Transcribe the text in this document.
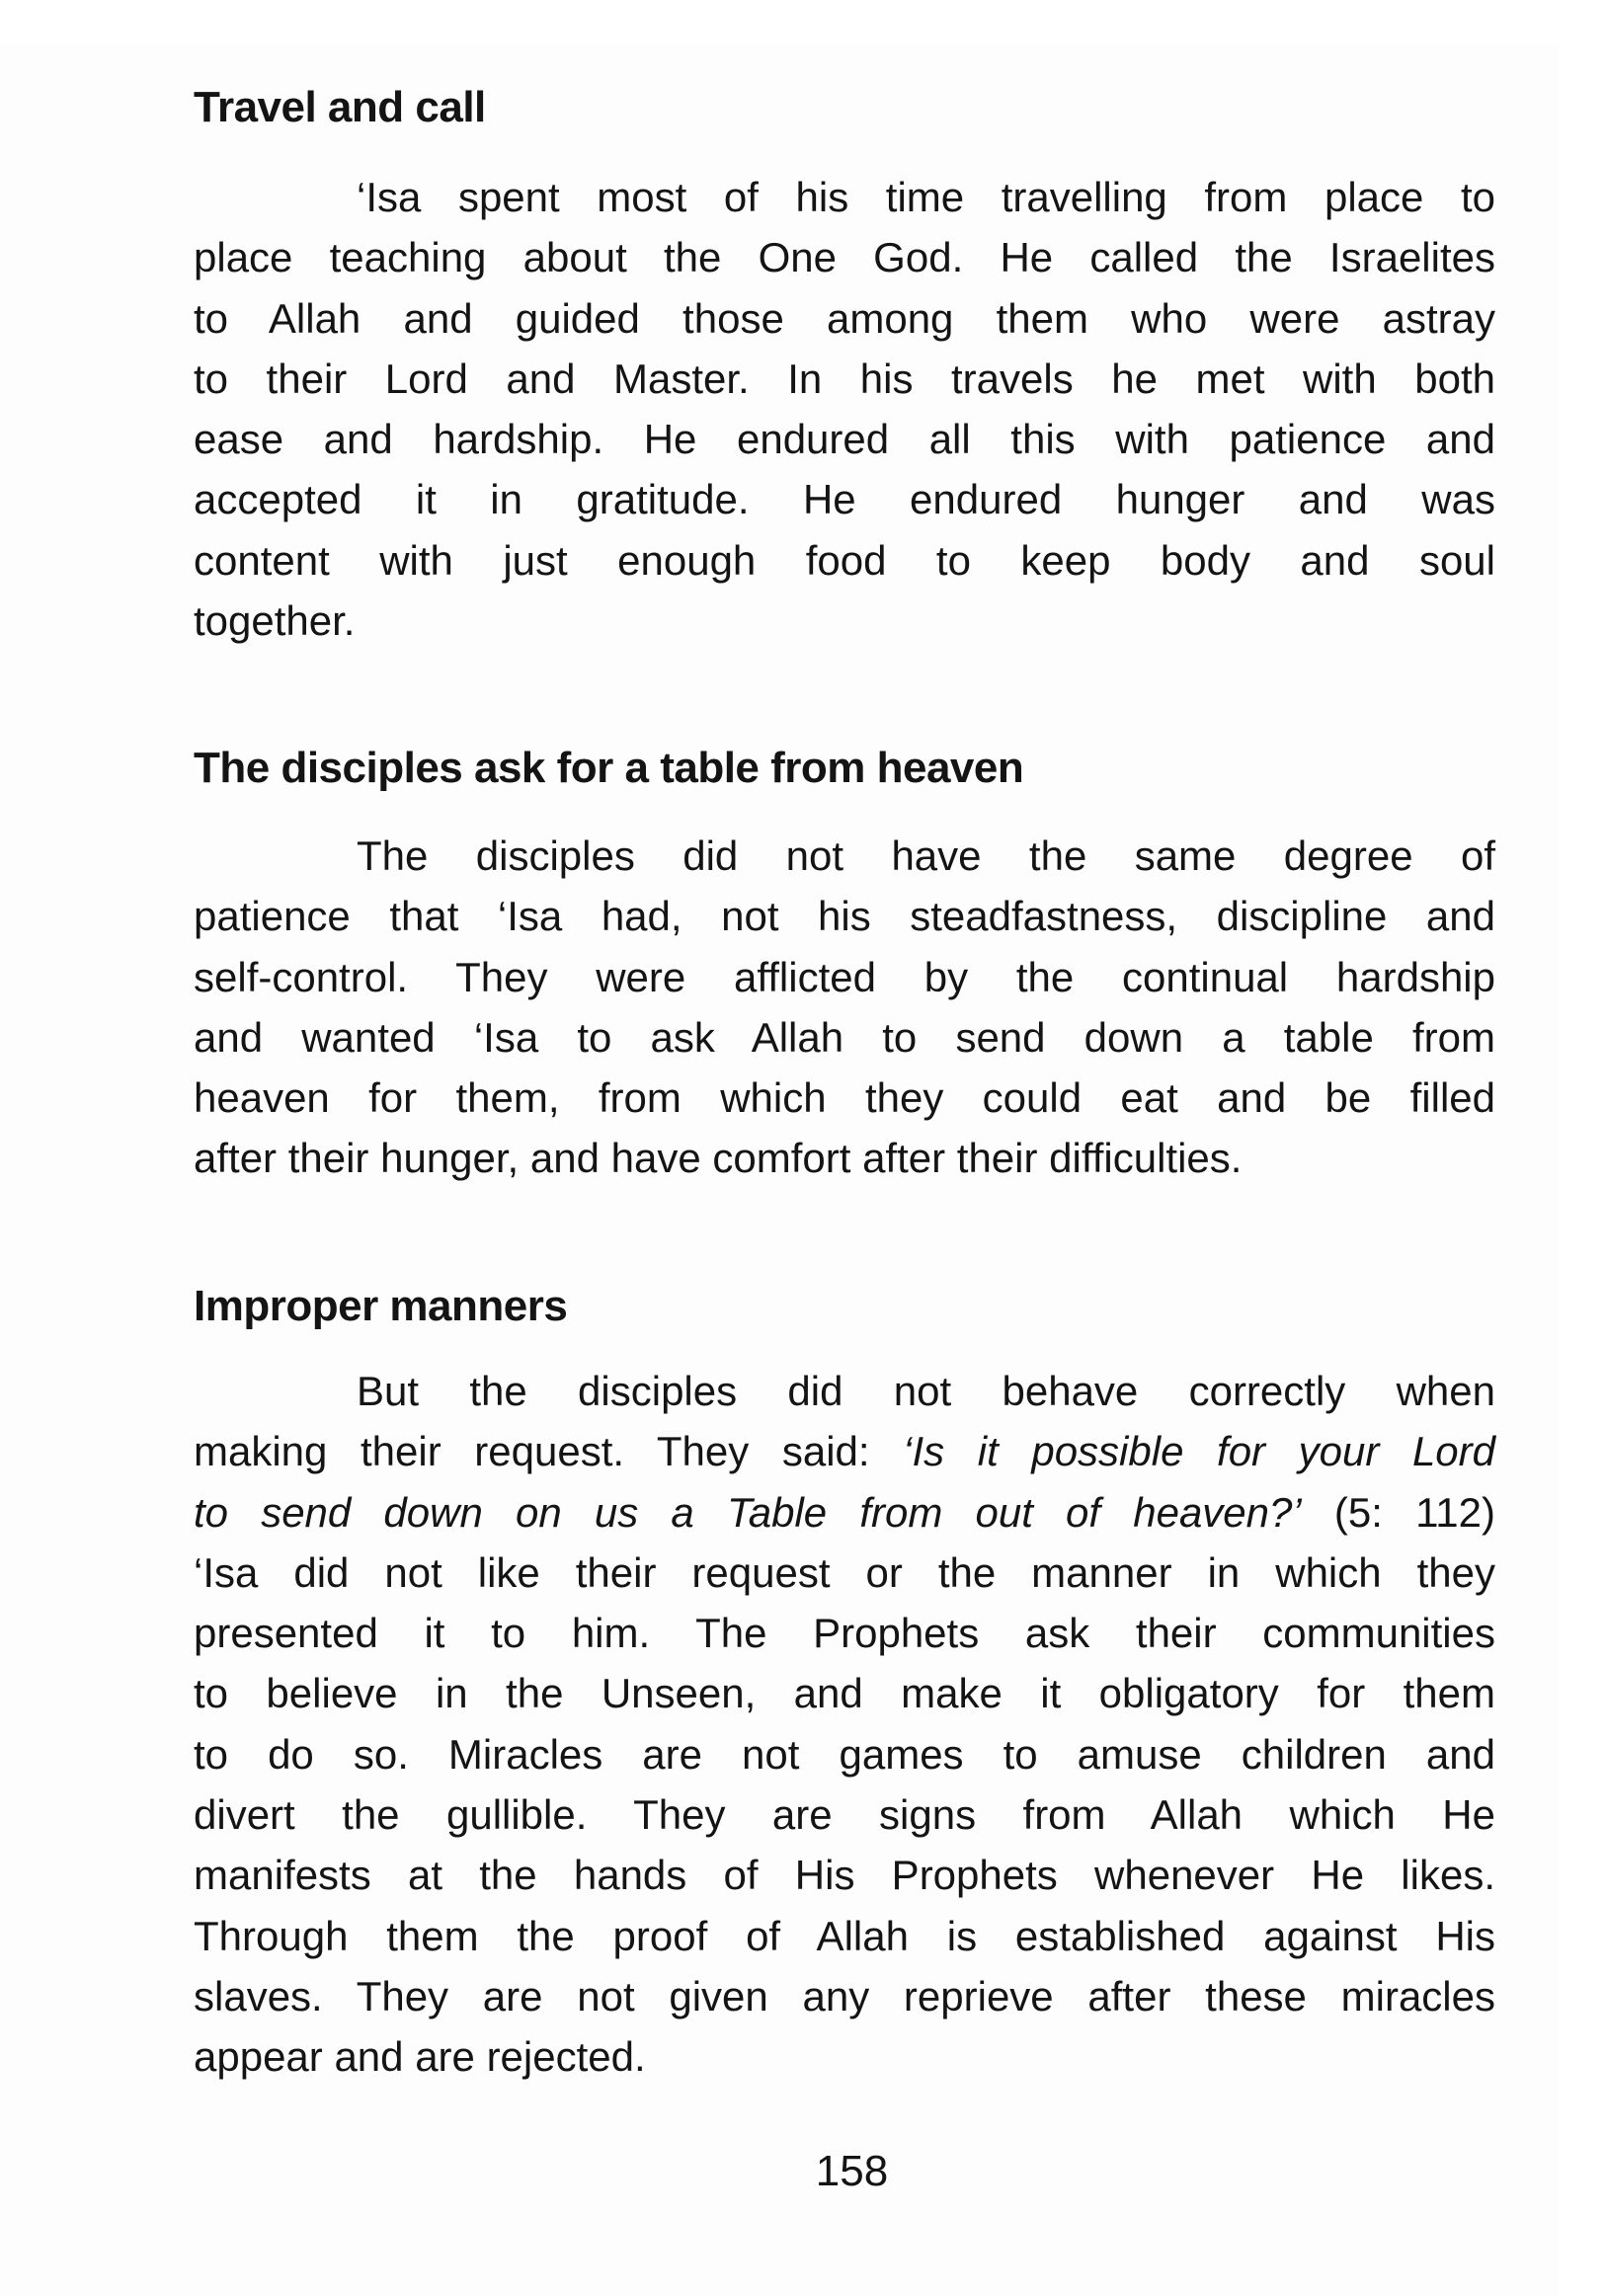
Travel and call
‘Isa spent most of his time travelling from place to
place teaching about the One God. He called the Israelites
to Allah and guided those among them who were astray
to their Lord and Master. In his travels he met with both
ease and hardship. He endured all this with patience and
accepted it in gratitude. He endured hunger and was
content with just enough food to keep body and soul
together.
The disciples ask for a table from heaven
The disciples did not have the same degree of
patience that ‘Isa had, not his steadfastness, discipline and
self-control. They were afflicted by the continual hardship
and wanted ‘Isa to ask Allah to send down a table from
heaven for them, from which they could eat and be filled
after their hunger, and have comfort after their difficulties.
Improper manners
But the disciples did not behave correctly when
making their request. They said: ‘Is it possible for your Lord
to send down on us a Table from out of heaven?’ (5: 112)
‘Isa did not like their request or the manner in which they
presented it to him. The Prophets ask their communities
to believe in the Unseen, and make it obligatory for them
to do so. Miracles are not games to amuse children and
divert the gullible. They are signs from Allah which He
manifests at the hands of His Prophets whenever He likes.
Through them the proof of Allah is established against His
slaves. They are not given any reprieve after these miracles
appear and are rejected.
158
